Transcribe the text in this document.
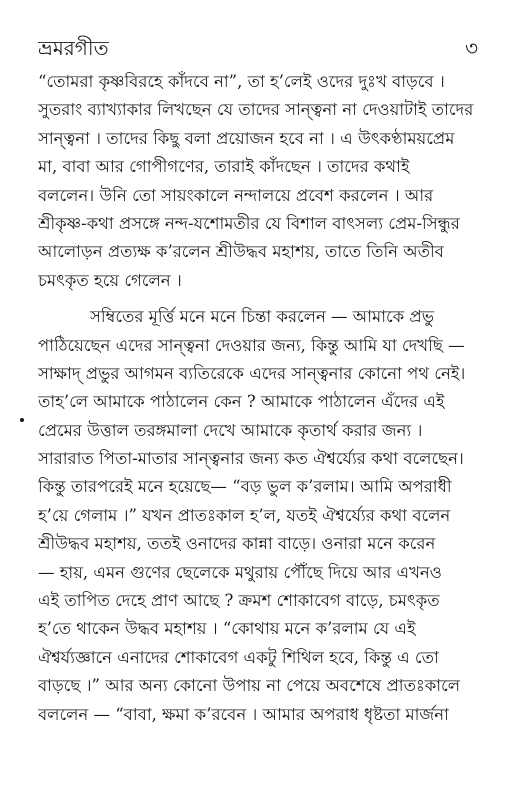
ভ্রমরগীত	৩
“তোমরা কৃষ্ণবিরহে কাঁদবে না”, তা হ’লেই ওদের দুঃখ বাড়বে ।
সুতরাং ব্যাখ্যাকার লিখছেন যে তাদের সান্ত্বনা না দেওয়াটাই তাদের
সান্ত্বনা । তাদের কিছু বলা প্রয়োজন হবে না । এ উৎকণ্ঠাময়প্রেম
মা, বাবা আর গোপীগণের, তারাই কাঁদছেন । তাদের কথাই
বললেন। উনি তো সায়ংকালে নন্দালয়ে প্রবেশ করলেন । আর
শ্রীকৃষ্ণ-কথা প্রসঙ্গে নন্দ-যশোমতীর যে বিশাল বাৎসল্য প্রেম-সিন্ধুর
আলোড়ন প্রত্যক্ষ ক’রলেন শ্রীউদ্ধব মহাশয়, তাতে তিনি অতীব
চমৎকৃত হয়ে গেলেন ।
সম্বিতের মূর্ত্তি মনে মনে চিন্তা করলেন — আমাকে প্রভু
পাঠিয়েছেন এদের সান্ত্বনা দেওয়ার জন্য, কিন্তু আমি যা দেখছি —
সাক্ষাদ্ প্রভুর আগমন ব্যতিরেকে এদের সান্ত্বনার কোনো পথ নেই।
তাহ’লে আমাকে পাঠালেন কেন ? আমাকে পাঠালেন এঁদের এই
প্রেমের উত্তাল তরঙ্গমালা দেখে আমাকে কৃতার্থ করার জন্য ।
সারারাত পিতা-মাতার সান্ত্বনার জন্য কত ঐশ্বর্য্যের কথা বলেছেন।
কিন্তু তারপরেই মনে হয়েছে— “বড় ভুল ক’রলাম। আমি অপরাধী
হ’য়ে গেলাম ।” যখন প্রাতঃকাল হ’ল, যতই ঐশ্বর্য্যের কথা বলেন
শ্রীউদ্ধব মহাশয়, ততই ওনাদের কান্না বাড়ে। ওনারা মনে করেন
— হায়, এমন গুণের ছেলেকে মথুরায় পৌঁছে দিয়ে আর এখনও
এই তাপিত দেহে প্রাণ আছে ? ক্রমশ শোকাবেগ বাড়ে, চমৎকৃত
হ’তে থাকেন উদ্ধব মহাশয় । “কোথায় মনে ক’রলাম যে এই
ঐশ্বর্য্যজ্ঞানে এনাদের শোকাবেগ একটু শিথিল হবে, কিন্তু এ তো
বাড়ছে ।” আর অন্য কোনো উপায় না পেয়ে অবশেষে প্রাতঃকালে
বললেন — “বাবা, ক্ষমা ক’রবেন । আমার অপরাধ ধৃষ্টতা মার্জনা
